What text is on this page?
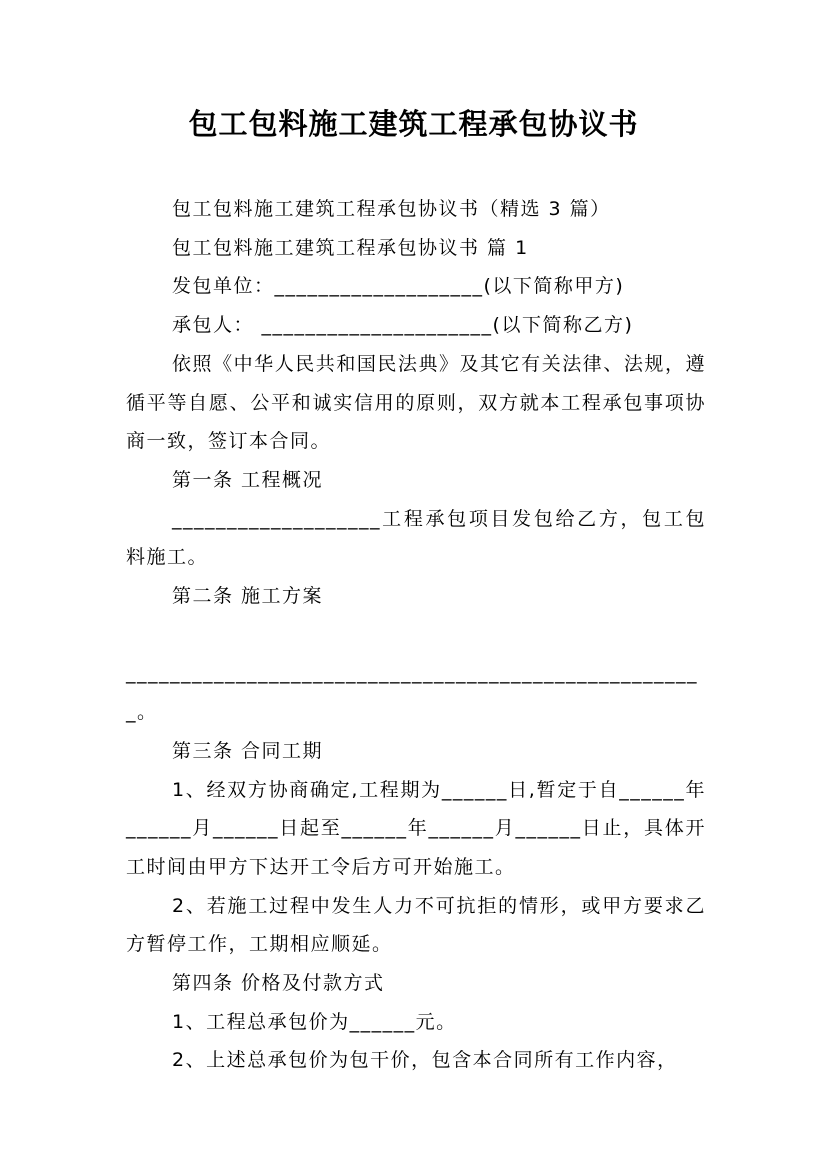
包工包料施工建筑工程承包协议书

包工包料施工建筑工程承包协议书（精选 3 篇）

包工包料施工建筑工程承包协议书 篇 1

发包单位：___________________(以下简称甲方)

承包人： _____________________(以下简称乙方)

依照《中华人民共和国民法典》及其它有关法律、法规，遵循平等自愿、公平和诚实信用的原则，双方就本工程承包事项协商一致，签订本合同。

第一条 工程概况

___________________工程承包项目发包给乙方，包工包料施工。

第二条 施工方案

_____________________________________________________。

第三条 合同工期

1、经双方协商确定,工程期为______日,暂定于自______年______月______日起至______年______月______日止，具体开工时间由甲方下达开工令后方可开始施工。

2、若施工过程中发生人力不可抗拒的情形，或甲方要求乙方暂停工作，工期相应顺延。

第四条 价格及付款方式

1、工程总承包价为______元。

2、上述总承包价为包干价，包含本合同所有工作内容，
